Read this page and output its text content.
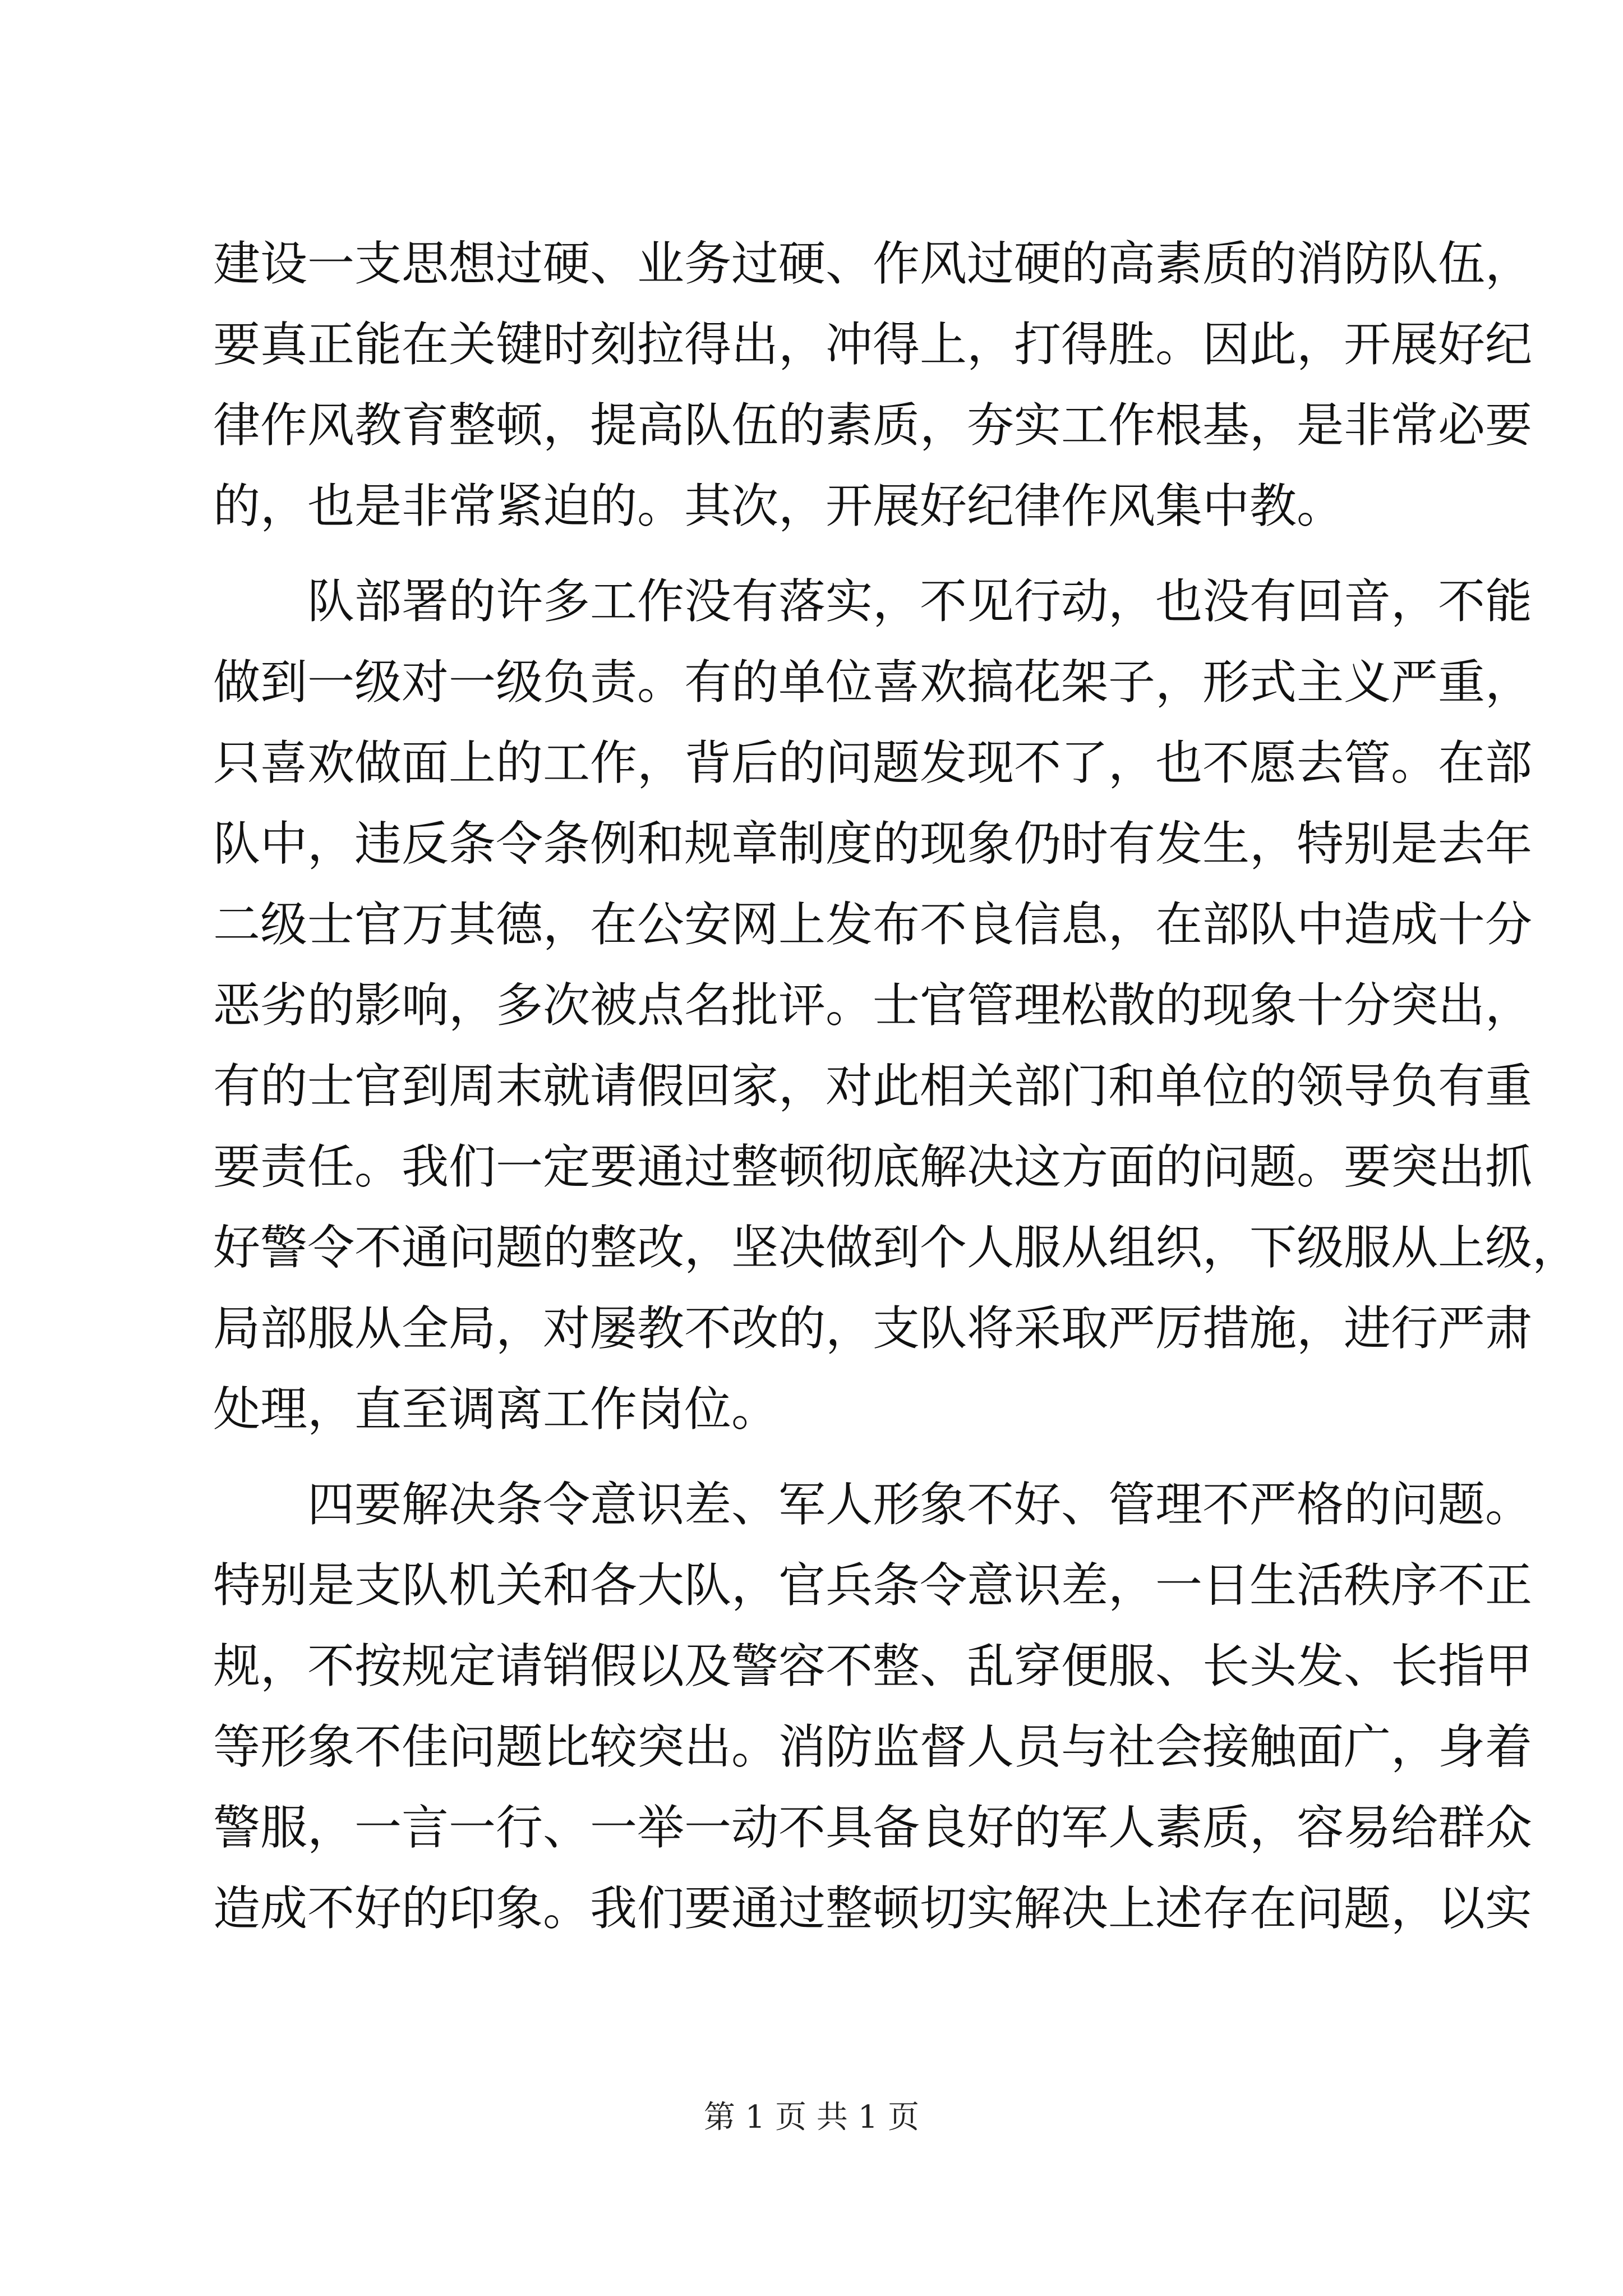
建设一支思想过硬、业务过硬、作风过硬的高素质的消防队伍，
要真正能在关键时刻拉得出，冲得上，打得胜。因此，开展好纪
律作风教育整顿，提高队伍的素质，夯实工作根基，是非常必要
的，也是非常紧迫的。其次，开展好纪律作风集中教。
队部署的许多工作没有落实，不见行动，也没有回音，不能
做到一级对一级负责。有的单位喜欢搞花架子，形式主义严重，
只喜欢做面上的工作，背后的问题发现不了，也不愿去管。在部
队中，违反条令条例和规章制度的现象仍时有发生，特别是去年
二级士官万其德，在公安网上发布不良信息，在部队中造成十分
恶劣的影响，多次被点名批评。士官管理松散的现象十分突出，
有的士官到周末就请假回家，对此相关部门和单位的领导负有重
要责任。我们一定要通过整顿彻底解决这方面的问题。要突出抓
好警令不通问题的整改，坚决做到个人服从组织，下级服从上级，
局部服从全局，对屡教不改的，支队将采取严厉措施，进行严肃
处理，直至调离工作岗位。
四要解决条令意识差、军人形象不好、管理不严格的问题。
特别是支队机关和各大队，官兵条令意识差，一日生活秩序不正
规，不按规定请销假以及警容不整、乱穿便服、长头发、长指甲
等形象不佳问题比较突出。消防监督人员与社会接触面广，身着
警服，一言一行、一举一动不具备良好的军人素质，容易给群众
造成不好的印象。我们要通过整顿切实解决上述存在问题，以实
第 1 页 共 1 页
